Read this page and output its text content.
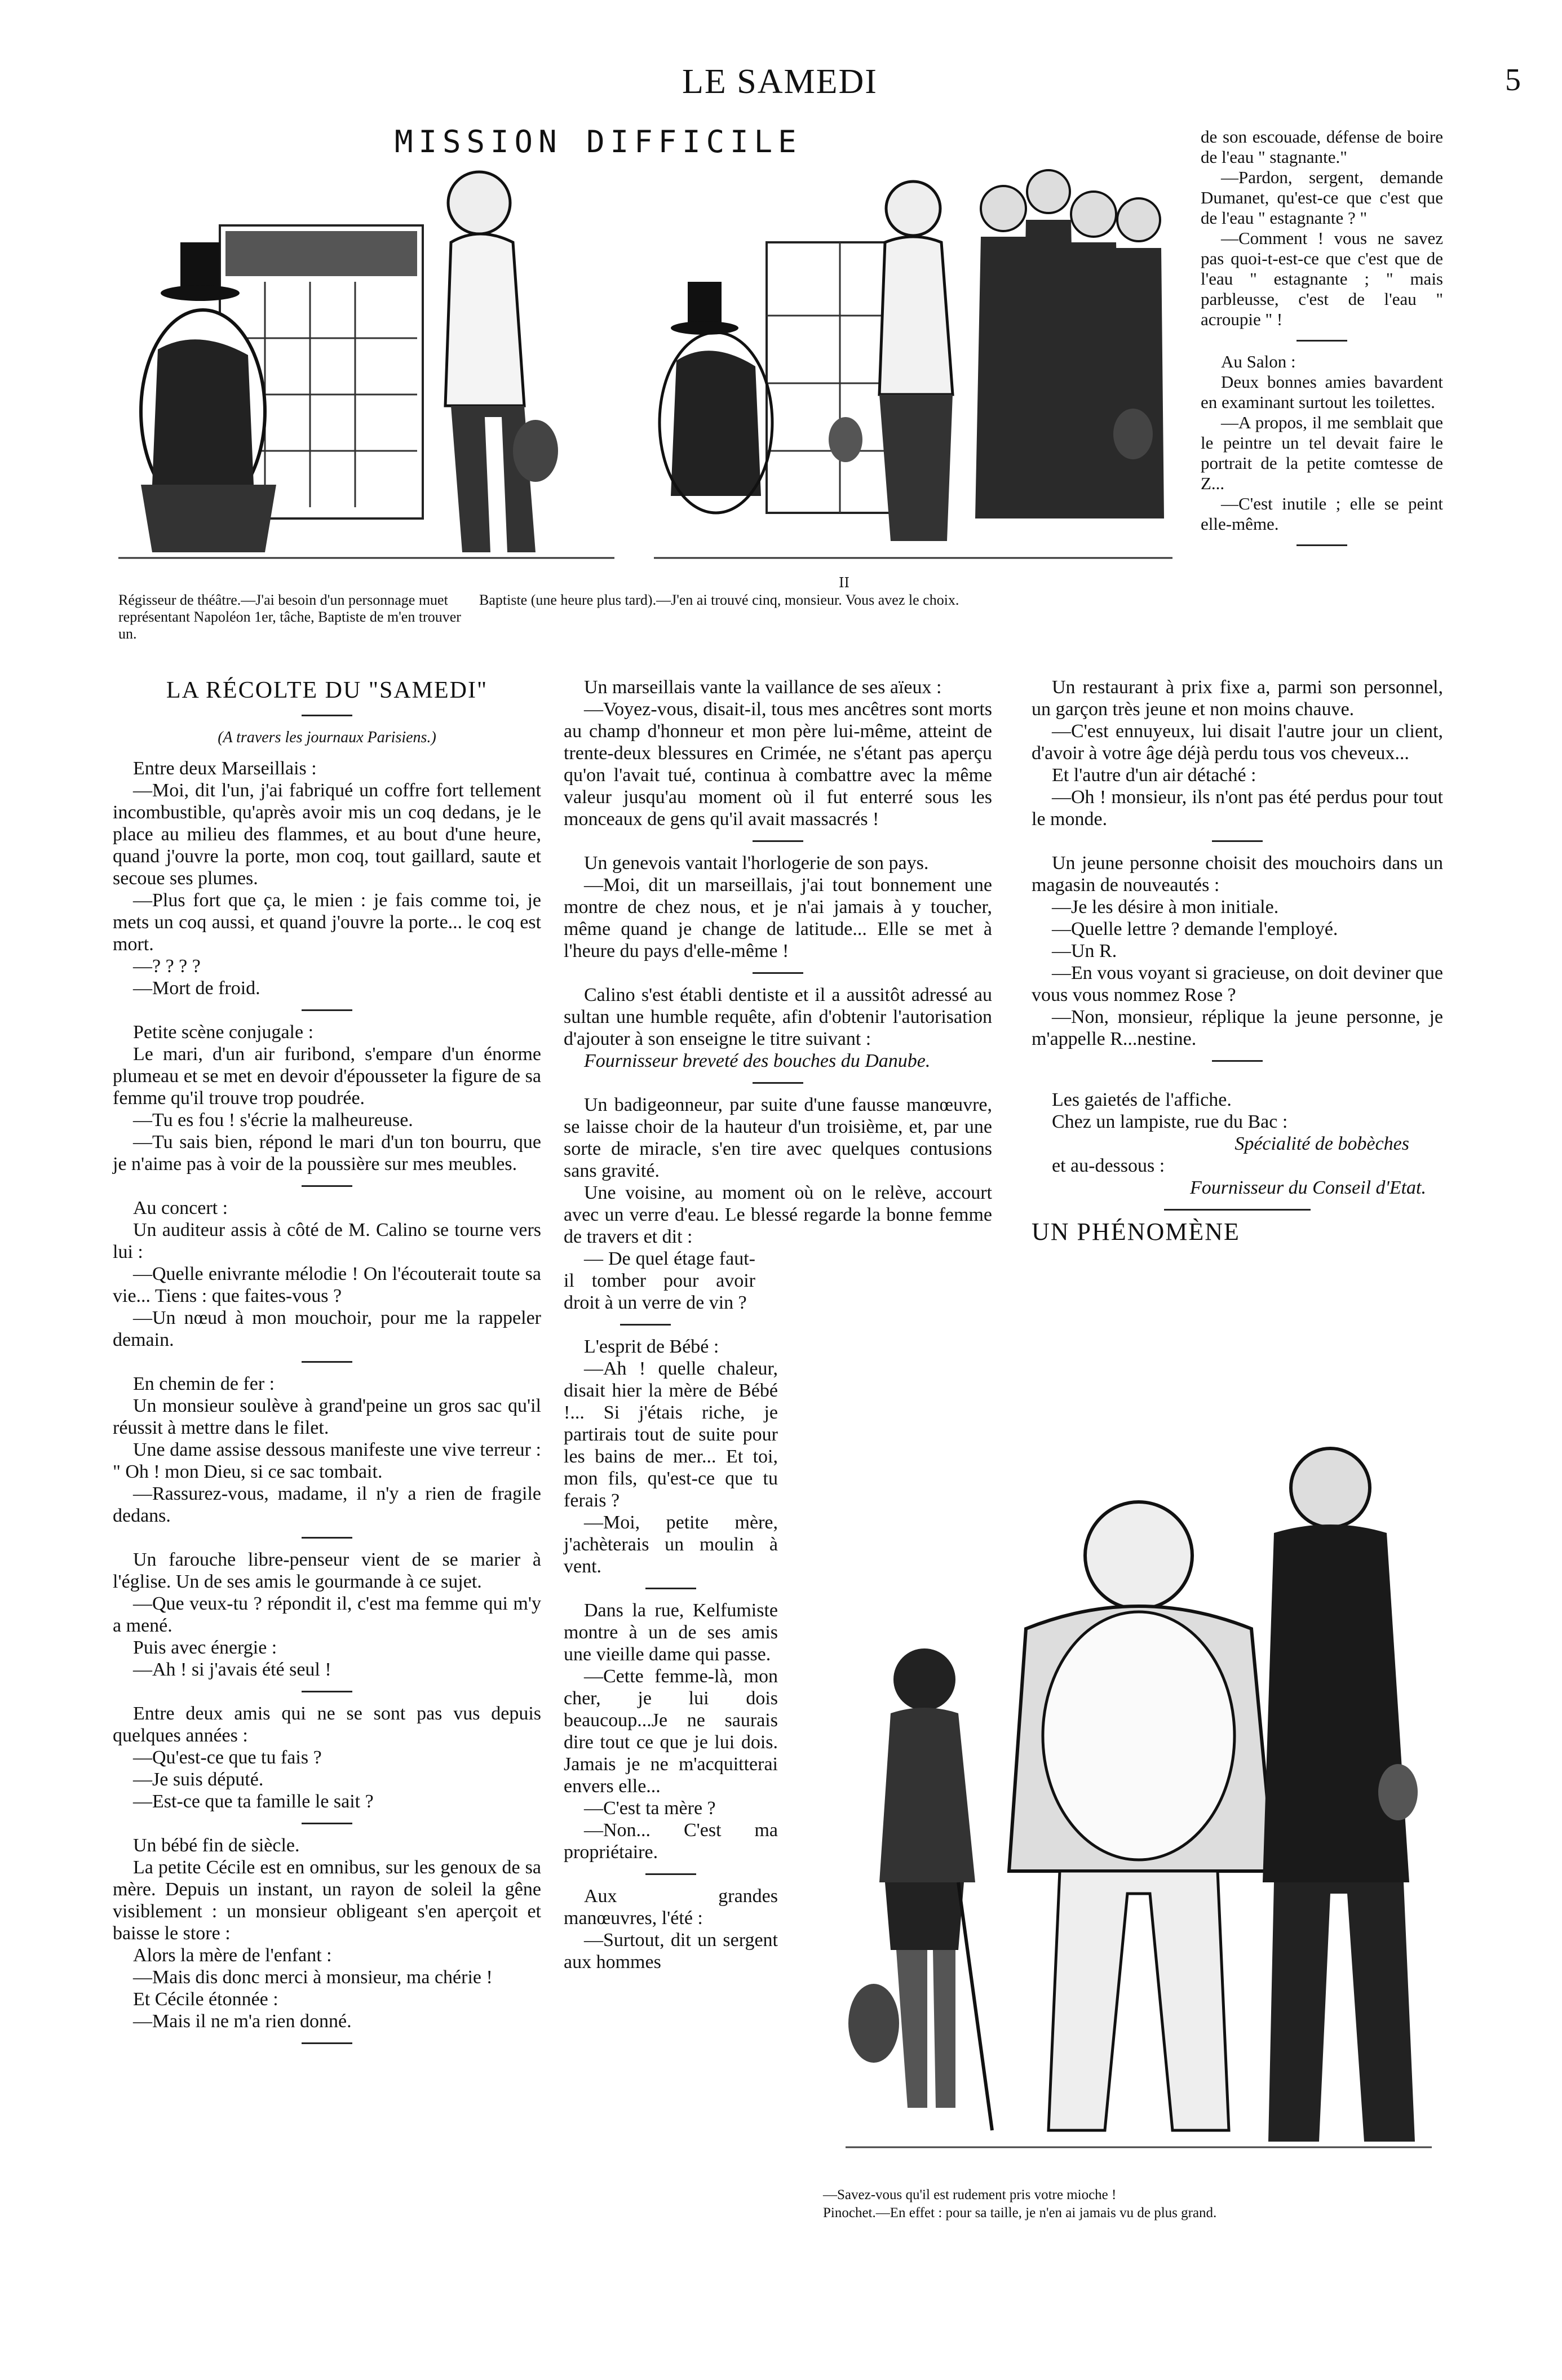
LE SAMEDI	5
MISSION DIFFICILE
II
Régisseur de théâtre.—J'ai besoin d'un personnage muet représentant Napoléon 1er, tâche, Baptiste de m'en trouver un.
Baptiste (une heure plus tard).—J'en ai trouvé cinq, monsieur. Vous avez le choix.

de son escouade, défense de boire de l'eau " stagnante."

—Pardon, sergent, demande Dumanet, qu'est-ce que c'est que de l'eau " estagnante ? "

—Comment ! vous ne savez pas quoi-t-est-ce que c'est que de l'eau " estagnante ; " mais parbleusse, c'est de l'eau " acroupie " !

Au Salon :

Deux bonnes amies bavardent en examinant surtout les toilettes.

—A propos, il me semblait que le peintre un tel devait faire le portrait de la petite comtesse de Z...

—C'est inutile ; elle se peint elle-même.

LA RÉCOLTE DU "SAMEDI"
(A travers les journaux Parisiens.)

Entre deux Marseillais :

—Moi, dit l'un, j'ai fabriqué un coffre fort tellement incombustible, qu'après avoir mis un coq dedans, je le place au milieu des flammes, et au bout d'une heure, quand j'ouvre la porte, mon coq, tout gaillard, saute et secoue ses plumes.

—Plus fort que ça, le mien : je fais comme toi, je mets un coq aussi, et quand j'ouvre la porte... le coq est mort.

—? ? ? ?

—Mort de froid.

Petite scène conjugale :

Le mari, d'un air furibond, s'empare d'un énorme plumeau et se met en devoir d'épousseter la figure de sa femme qu'il trouve trop poudrée.

—Tu es fou ! s'écrie la malheureuse.

—Tu sais bien, répond le mari d'un ton bourru, que je n'aime pas à voir de la poussière sur mes meubles.

Au concert :

Un auditeur assis à côté de M. Calino se tourne vers lui :

—Quelle enivrante mélodie ! On l'écouterait toute sa vie... Tiens : que faites-vous ?

—Un nœud à mon mouchoir, pour me la rappeler demain.

En chemin de fer :

Un monsieur soulève à grand'peine un gros sac qu'il réussit à mettre dans le filet.

Une dame assise dessous manifeste une vive terreur : " Oh ! mon Dieu, si ce sac tombait.

—Rassurez-vous, madame, il n'y a rien de fragile dedans.

Un farouche libre-penseur vient de se marier à l'église. Un de ses amis le gourmande à ce sujet.

—Que veux-tu ? répondit il, c'est ma femme qui m'y a mené.

Puis avec énergie :

—Ah ! si j'avais été seul !

Entre deux amis qui ne se sont pas vus depuis quelques années :

—Qu'est-ce que tu fais ?

—Je suis député.

—Est-ce que ta famille le sait ?

Un bébé fin de siècle.

La petite Cécile est en omnibus, sur les genoux de sa mère. Depuis un instant, un rayon de soleil la gêne visiblement : un monsieur obligeant s'en aperçoit et baisse le store :

Alors la mère de l'enfant :

—Mais dis donc merci à monsieur, ma chérie !

Et Cécile étonnée :

—Mais il ne m'a rien donné.

Un marseillais vante la vaillance de ses aïeux :

—Voyez-vous, disait-il, tous mes ancêtres sont morts au champ d'honneur et mon père lui-même, atteint de trente-deux blessures en Crimée, ne s'étant pas aperçu qu'on l'avait tué, continua à combattre avec la même valeur jusqu'au moment où il fut enterré sous les monceaux de gens qu'il avait massacrés !

Un genevois vantait l'horlogerie de son pays.

—Moi, dit un marseillais, j'ai tout bonnement une montre de chez nous, et je n'ai jamais à y toucher, même quand je change de latitude... Elle se met à l'heure du pays d'elle-même !

Calino s'est établi dentiste et il a aussitôt adressé au sultan une humble requête, afin d'obtenir l'autorisation d'ajouter à son enseigne le titre suivant :

Fournisseur breveté des bouches du Danube.

Un badigeonneur, par suite d'une fausse manœuvre, se laisse choir de la hauteur d'un troisième, et, par une sorte de miracle, s'en tire avec quelques contusions sans gravité.

Une voisine, au moment où on le relève, accourt avec un verre d'eau. Le blessé regarde la bonne femme de travers et dit :

— De quel étage faut-il tomber pour avoir droit à un verre de vin ?

L'esprit de Bébé :

—Ah ! quelle chaleur, disait hier la mère de Bébé !... Si j'étais riche, je partirais tout de suite pour les bains de mer... Et toi, mon fils, qu'est-ce que tu ferais ?

—Moi, petite mère, j'achèterais un moulin à vent.

Dans la rue, Kelfumiste montre à un de ses amis une vieille dame qui passe.

—Cette femme-là, mon cher, je lui dois beaucoup...Je ne saurais dire tout ce que je lui dois. Jamais je ne m'acquitterai envers elle...

—C'est ta mère ?

—Non... C'est ma propriétaire.

Aux grandes manœuvres, l'été :

—Surtout, dit un sergent aux hommes

Un restaurant à prix fixe a, parmi son personnel, un garçon très jeune et non moins chauve.

—C'est ennuyeux, lui disait l'autre jour un client, d'avoir à votre âge déjà perdu tous vos cheveux...

Et l'autre d'un air détaché :

—Oh ! monsieur, ils n'ont pas été perdus pour tout le monde.

Un jeune personne choisit des mouchoirs dans un magasin de nouveautés :

—Je les désire à mon initiale.

—Quelle lettre ? demande l'employé.

—Un R.

—En vous voyant si gracieuse, on doit deviner que vous vous nommez Rose ?

—Non, monsieur, réplique la jeune personne, je m'appelle R...nestine.

Les gaietés de l'affiche.

Chez un lampiste, rue du Bac :

Spécialité de bobèches

et au-dessous :

Fournisseur du Conseil d'Etat.

UN PHÉNOMÈNE
—Savez-vous qu'il est rudement pris votre mioche !
Pinochet.—En effet : pour sa taille, je n'en ai jamais vu de plus grand.
